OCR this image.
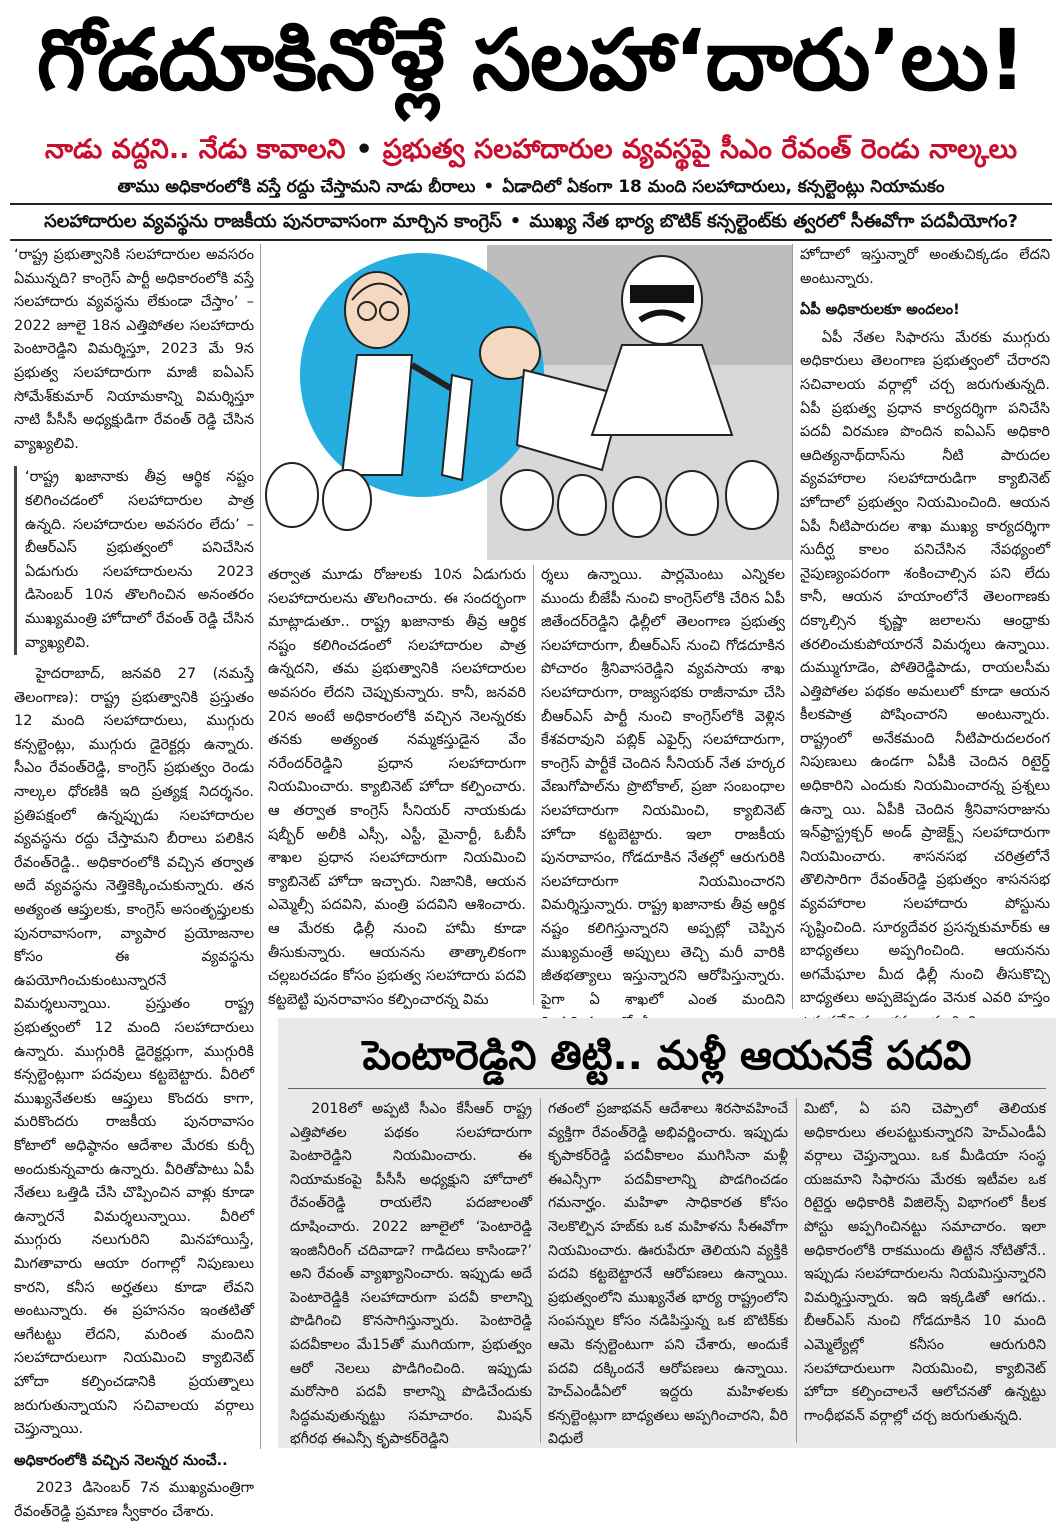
గోడదూకినోళ్లే సలహా‘దారు’లు!
నాడు వద్దని.. నేడు కావాలని • ప్రభుత్వ సలహాదారుల వ్యవస్థపై సీఎం రేవంత్ రెండు నాల్కలు
తాము అధికారంలోకి వస్తే రద్దు చేస్తామని నాడు బీరాలు • ఏడాదిలో ఏకంగా 18 మంది సలహాదారులు, కన్సల్టెంట్లు నియామకం
సలహాదారుల వ్యవస్థను రాజకీయ పునరావాసంగా మార్చిన కాంగ్రెస్ • ముఖ్య నేత భార్య బొటిక్ కన్సల్టెంట్‌కు త్వరలో సీఈవోగా పదవీయోగం?

‘రాష్ట్ర ప్రభుత్వానికి సలహాదారుల అవసరం ఏమున్నది? కాంగ్రెస్ పార్టీ అధికారంలోకి వస్తే సలహాదారు వ్యవస్థను లేకుండా చేస్తాం’ – 2022 జూలై 18న ఎత్తిపోతల సలహాదారు పెంటారెడ్డిని విమర్శిస్తూ, 2023 మే 9న ప్రభుత్వ సలహాదారుగా మాజీ ఐఏఎస్ సోమేశ్‌కుమార్ నియామకాన్ని విమర్శిస్తూ నాటి పీసీసీ అధ్యక్షుడిగా రేవంత్ రెడ్డి చేసిన వ్యాఖ్యలివి.

‘రాష్ట్ర ఖజానాకు తీవ్ర ఆర్థిక నష్టం కలిగించడంలో సలహాదారుల పాత్ర ఉన్నది. సలహాదారుల అవసరం లేదు’ – బీఆర్ఎస్ ప్రభుత్వంలో పనిచేసిన ఏడుగురు సలహాదారులను 2023 డిసెంబర్ 10న తొలగించిన అనంతరం ముఖ్యమంత్రి హోదాలో రేవంత్ రెడ్డి చేసిన వ్యాఖ్యలివి.

హైదరాబాద్, జనవరి 27 (నమస్తే తెలంగాణ): రాష్ట్ర ప్రభుత్వానికి ప్రస్తుతం 12 మంది సలహాదారులు, ముగ్గురు కన్సల్టెంట్లు, ముగ్గురు డైరెక్టర్లు ఉన్నారు. సీఎం రేవంత్‌రెడ్డి, కాంగ్రెస్ ప్రభుత్వం రెండు నాల్కల ధోరణికి ఇది ప్రత్యక్ష నిదర్శనం. ప్రతిపక్షంలో ఉన్నప్పుడు సలహాదారుల వ్యవస్థను రద్దు చేస్తామని బీరాలు పలికిన రేవంత్‌రెడ్డి.. అధికారంలోకి వచ్చిన తర్వాత అదే వ్యవస్థను నెత్తికెక్కించుకున్నారు. తన అత్యంత ఆప్తులకు, కాంగ్రెస్ అసంతృప్తులకు పునరావాసంగా, వ్యాపార ప్రయోజనాల కోసం ఈ వ్యవస్థను ఉపయోగించుకుంటున్నారనే విమర్శలున్నాయి. ప్రస్తుతం రాష్ట్ర ప్రభుత్వంలో 12 మంది సలహాదారులు ఉన్నారు. ముగ్గురికి డైరెక్టర్లుగా, ముగ్గురికి కన్సల్టెంట్లుగా పదవులు కట్టబెట్టారు. వీరిలో ముఖ్యనేతలకు ఆప్తులు కొందరు కాగా, మరికొందరు రాజకీయ పునరావాసం కోటాలో అధిష్ఠానం ఆదేశాల మేరకు కుర్చీ అందుకున్నవారు ఉన్నారు. వీరితోపాటు ఏపీ నేతలు ఒత్తిడి చేసి చొప్పించిన వాళ్లు కూడా ఉన్నారనే విమర్శలున్నాయి. వీరిలో ముగ్గురు నలుగురిని మినహాయిస్తే, మిగతావారు ఆయా రంగాల్లో నిపుణులు కారని, కనీస అర్హతలు కూడా లేవని అంటున్నారు. ఈ ప్రహసనం ఇంతటితో ఆగేటట్టు లేదని, మరింత మందిని సలహాదారులుగా నియమించి క్యాబినెట్ హోదా కల్పించడానికి ప్రయత్నాలు జరుగుతున్నాయని సచివాలయ వర్గాలు చెప్తున్నాయి.

అధికారంలోకి వచ్చిన నెలన్నర నుంచే..

2023 డిసెంబర్ 7న ముఖ్యమంత్రిగా రేవంత్‌రెడ్డి ప్రమాణ స్వీకారం చేశారు.

తర్వాత మూడు రోజులకు 10న ఏడుగురు సలహాదారులను తొలగించారు. ఈ సందర్భంగా మాట్లాడుతూ.. రాష్ట్ర ఖజానాకు తీవ్ర ఆర్థిక నష్టం కలిగించడంలో సలహాదారుల పాత్ర ఉన్నదని, తమ ప్రభుత్వానికి సలహాదారుల అవసరం లేదని చెప్పుకున్నారు. కానీ, జనవరి 20న అంటే అధికారంలోకి వచ్చిన నెలన్నరకు తనకు అత్యంత నమ్మకస్తుడైన వేం నరేందర్‌రెడ్డిని ప్రధాన సలహాదారుగా నియమించారు. క్యాబినెట్ హోదా కల్పించారు. ఆ తర్వాత కాంగ్రెస్ సీనియర్ నాయకుడు షబ్బీర్ అలీకి ఎస్సీ, ఎస్టీ, మైనార్టీ, ఓబీసీ శాఖల ప్రధాన సలహాదారుగా నియమించి క్యాబినెట్ హోదా ఇచ్చారు. నిజానికి, ఆయన ఎమ్మెల్సీ పదవిని, మంత్రి పదవిని ఆశించారు. ఆ మేరకు ఢిల్లీ నుంచి హామీ కూడా తీసుకున్నారు. ఆయనను తాత్కాలికంగా చల్లబరచడం కోసం ప్రభుత్వ సలహాదారు పదవి కట్టబెట్టి పునరావాసం కల్పించారన్న విమ

ర్శలు ఉన్నాయి. పార్లమెంటు ఎన్నికల ముందు బీజేపీ నుంచి కాంగ్రెస్‌లోకి చేరిన ఏపీ జితేందర్‌రెడ్డిని ఢిల్లీలో తెలంగాణ ప్రభుత్వ సలహాదారుగా, బీఆర్ఎస్ నుంచి గోడదూకిన పోచారం శ్రీనివాసరెడ్డిని వ్యవసాయ శాఖ సలహాదారుగా, రాజ్యసభకు రాజీనామా చేసి బీఆర్ఎస్ పార్టీ నుంచి కాంగ్రెస్‌లోకి వెళ్లిన కేశవరావుని పబ్లిక్ ఎఫైర్స్ సలహాదారుగా, కాంగ్రెస్ పార్టీకే చెందిన సీనియర్ నేత హర్కర వేణుగోపాల్‌ను ప్రొటోకాల్, ప్రజా సంబంధాల సలహాదారుగా నియమించి, క్యాబినెట్ హోదా కట్టబెట్టారు. ఇలా రాజకీయ పునరావాసం, గోడదూకిన నేతల్లో ఆరుగురికి సలహాదారుగా నియమించారని విమర్శిస్తున్నారు. రాష్ట్ర ఖజానాకు తీవ్ర ఆర్థిక నష్టం కలిగిస్తున్నారని అప్పట్లో చెప్పిన ముఖ్యమంత్రే అప్పులు తెచ్చి మరీ వారికి జీతభత్యాలు ఇస్తున్నారని ఆరోపిస్తున్నారు. పైగా ఏ శాఖలో ఎంత మందిని

హోదాలో ఇస్తున్నారో అంతుచిక్కడం లేదని అంటున్నారు.

ఏపీ అధికారులకూ అందలం!

ఏపీ నేతల సిఫారసు మేరకు ముగ్గురు అధికారులు తెలంగాణ ప్రభుత్వంలో చేరారని సచివాలయ వర్గాల్లో చర్చ జరుగుతున్నది. ఏపీ ప్రభుత్వ ప్రధాన కార్యదర్శిగా పనిచేసి పదవీ విరమణ పొందిన ఐఏఎస్ అధికారి ఆదిత్యనాథ్‌దాస్‌ను నీటి పారుదల వ్యవహారాల సలహాదారుడిగా క్యాబినెట్ హోదాలో ప్రభుత్వం నియమించింది. ఆయన ఏపీ నీటిపారుదల శాఖ ముఖ్య కార్యదర్శిగా సుదీర్ఘ కాలం పనిచేసిన నేపథ్యంలో నైపుణ్యంపరంగా శంకించాల్సిన పని లేదు కానీ, ఆయన హయాంలోనే తెలంగాణకు దక్కాల్సిన కృష్ణా జలాలను ఆంధ్రాకు తరలించుకుపోయారనే విమర్శలు ఉన్నాయి. దుమ్ముగూడెం, పోతిరెడ్డిపాడు, రాయలసీమ ఎత్తిపోతల పథకం అమలులో కూడా ఆయన కీలకపాత్ర పోషించారని అంటున్నారు. రాష్ట్రంలో అనేకమంది నీటిపారుదలరంగ నిపుణులు ఉండగా ఏపీకి చెందిన రిటైర్డ్ అధికారిని ఎందుకు నియమించారన్న ప్రశ్నలు ఉన్నా యి. ఏపీకి చెందిన శ్రీనివాసరాజును ఇన్‌ఫ్రాస్ట్రక్చర్ అండ్ ప్రాజెక్ట్స్ సలహాదారుగా నియమించారు. శాసనసభ చరిత్రలోనే తొలిసారిగా రేవంత్‌రెడ్డి ప్రభుత్వం శాసనసభ వ్యవహారాల సలహాదారు పోస్టును సృష్టించింది. సూర్యదేవర ప్రసన్నకుమార్‌కు ఆ బాధ్యతలు అప్పగించింది. ఆయనను అగమేఘాల మీద ఢిల్లీ నుంచి తీసుకొచ్చి బాధ్యతలు అప్పజెప్పడం వెనుక ఎవరి హస్తం

పెంటారెడ్డిని తిట్టి.. మళ్లీ ఆయనకే పదవి

2018లో అప్పటి సీఎం కేసీఆర్ రాష్ట్ర ఎత్తిపోతల పథకం సలహాదారుగా పెంటారెడ్డిని నియమించారు. ఈ నియామకంపై పీసీసీ అధ్యక్షుని హోదాలో రేవంత్‌రెడ్డి రాయలేని పదజాలంతో దూషించారు. 2022 జూలైలో ‘పెంటారెడ్డి ఇంజినీరింగ్ చదివాడా? గాడిదలు కాసిండా?’ అని రేవంత్ వ్యాఖ్యానించారు. ఇప్పుడు అదే పెంటారెడ్డికి సలహాదారుగా పదవీ కాలాన్ని పొడిగించి కొనసాగిస్తున్నారు. పెంటారెడ్డి పదవీకాలం మే15తో ముగియగా, ప్రభుత్వం ఆరో నెలలు పొడిగించింది. ఇప్పుడు మరోసారి పదవీ కాలాన్ని పొడిచేందుకు సిద్ధమవుతున్నట్టు సమాచారం. మిషన్ భగీరథ ఈఎన్సీ కృపాకర్‌రెడ్డిని

గతంలో ప్రజాభవన్ ఆదేశాలు శిరసావహించే వ్యక్తిగా రేవంత్‌రెడ్డి అభివర్ణించారు. ఇప్పుడు కృపాకర్‌రెడ్డి పదవీకాలం ముగిసినా మళ్లీ ఈఎన్సీగా పదవీకాలాన్ని పొడగించడం గమనార్హం. మహిళా సాధికారత కోసం నెలకొల్పిన హబ్‌కు ఒక మహిళను సీఈవోగా నియమించారు. ఊరుపేరూ తెలియని వ్యక్తికి పదవి కట్టబెట్టారనే ఆరోపణలు ఉన్నాయి. ప్రభుత్వంలోని ముఖ్యనేత భార్య రాష్ట్రంలోని సంపన్నుల కోసం నడిపిస్తున్న ఒక బొటిక్‌కు ఆమె కన్సల్టెంటుగా పని చేశారు, అందుకే పదవి దక్కిందనే ఆరోపణలు ఉన్నాయి. హెచ్ఎండీఏలో ఇద్దరు మహిళలకు కన్సల్టెంట్లుగా బాధ్యతలు అప్పగించారని, వీరి విధులే

మిటో, ఏ పని చెప్పాలో తెలియక అధికారులు తలపట్టుకున్నారని హెచ్ఎండీఏ వర్గాలు చెప్తున్నాయి. ఒక మీడియా సంస్థ యజమాని సిఫారసు మేరకు ఇటీవల ఒక రిటైర్డు అధికారికి విజిలెన్స్ విభాగంలో కీలక పోస్టు అప్పగించినట్టు సమాచారం. ఇలా అధికారంలోకి రాకముందు తిట్టిన నోటితోనే.. ఇప్పుడు సలహాదారులను నియమిస్తున్నారని విమర్శిస్తున్నారు. ఇది ఇక్కడితో ఆగదు.. బీఆర్ఎస్ నుంచి గోడదూకిన 10 మంది ఎమ్మెల్యేల్లో కనీసం ఆరుగురిని సలహాదారులుగా నియమించి, క్యాబినెట్ హోదా కల్పించాలనే ఆలోచనతో ఉన్నట్టు గాంధీభవన్ వర్గాల్లో చర్చ జరుగుతున్నది.
